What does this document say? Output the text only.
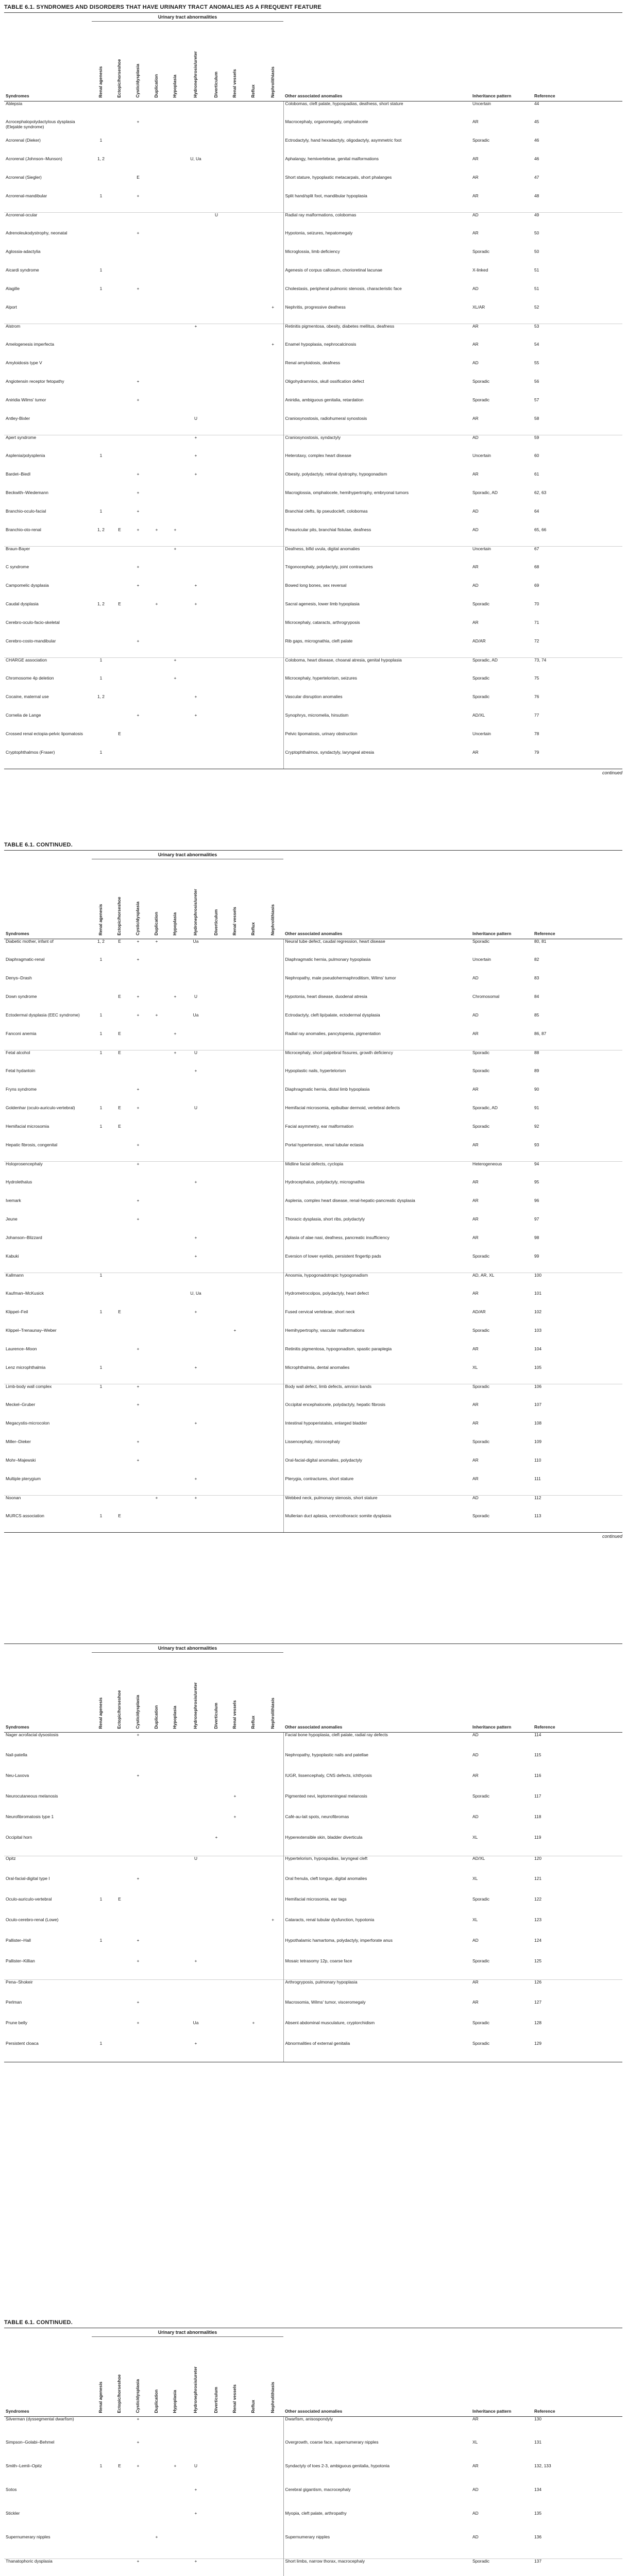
TABLE 6.1. SYNDROMES AND DISORDERS THAT HAVE URINARY TRACT ANOMALIES AS A FREQUENT FEATURE
	Urinary tract abnormalities												
Syndromes	Renal agenesis	Ectopic/horseshoe	Cystic/dysplasia	Duplication	Hypoplasia	Hydronephrosis/ureter	Diverticulum	Renal vessels	Reflux	Nephrolithiasis	Other associated anomalies	Inheritance pattern	Reference
Ablepsia											Colobomas, cleft palate, hypospadias, deafness, short stature	Uncertain	44
Acrocephalopolydactylous dysplasia (Elejalde syndrome)			+								Macrocephaly, organomegaly, omphalocele	AR	45
Acrorenal (Dieker)	1										Ectrodactyly, hand hexadactyly, oligodactyly, asymmetric foot	Sporadic	46
Acrorenal (Johnson–Munson)	1, 2					U, Ua					Aphalangy, hemivertebrae, genital malformations	AR	46
Acrorenal (Siegler)			E								Short stature, hypoplastic metacarpals, short phalanges	AR	47
Acrorenal-mandibular	1		+								Split hand/split foot, mandibular hypoplasia	AR	48
Acrorenal-ocular							U				Radial ray malformations, colobomas	AD	49
Adrenoleukodystrophy, neonatal			+								Hypotonia, seizures, hepatomegaly	AR	50
Aglossia-adactylia											Microglossia, limb deficiency	Sporadic	50
Aicardi syndrome	1										Agenesis of corpus callosum, chorioretinal lacunae	X-linked	51
Alagille	1		+								Cholestasis, peripheral pulmonic stenosis, characteristic face	AD	51
Alport										+	Nephritis, progressive deafness	XL/AR	52
Alstrom						+					Retinitis pigmentosa, obesity, diabetes mellitus, deafness	AR	53
Amelogenesis imperfecta										+	Enamel hypoplasia, nephrocalcinosis	AR	54
Amyloidosis type V											Renal amyloidosis, deafness	AD	55
Angiotensin receptor fetopathy			+								Oligohydramnios, skull ossification defect	Sporadic	56
Aniridia Wilms' tumor			+								Aniridia, ambiguous genitalia, retardation	Sporadic	57
Antley-Bixler						U					Craniosynostosis, radiohumeral synostosis	AR	58
Apert syndrome						+					Craniosynostosis, syndactyly	AD	59
Asplenia/polysplenia	1					+					Heterotaxy, complex heart disease	Uncertain	60
Bardet–Biedl			+			+					Obesity, polydactyly, retinal dystrophy, hypogonadism	AR	61
Beckwith–Wiedemann			+								Macroglossia, omphalocele, hemihypertrophy, embryonal tumors	Sporadic, AD	62, 63
Branchio-oculo-facial	1		+								Branchial clefts, lip pseudocleft, colobomas	AD	64
Branchio-oto-renal	1, 2	E	+	+	+						Preauricular pits, branchial fistulae, deafness	AD	65, 66
Braun-Bayer					+						Deafness, bifid uvula, digital anomalies	Uncertain	67
C syndrome			+								Trigonocephaly, polydactyly, joint contractures	AR	68
Campomelic dysplasia			+			+					Bowed long bones, sex reversal	AD	69
Caudal dysplasia	1, 2	E		+		+					Sacral agenesis, lower limb hypoplasia	Sporadic	70
Cerebro-oculo-facio-skeletal											Microcephaly, cataracts, arthrogryposis	AR	71
Cerebro-costo-mandibular			+								Rib gaps, micrognathia, cleft palate	AD/AR	72
CHARGE association	1				+						Coloboma, heart disease, choanal atresia, genital hypoplasia	Sporadic, AD	73, 74
Chromosome 4p deletion	1				+						Microcephaly, hypertelorism, seizures	Sporadic	75
Cocaine, maternal use	1, 2					+					Vascular disruption anomalies	Sporadic	76
Cornelia de Lange			+			+					Synophrys, micromelia, hirsutism	AD/XL	77
Crossed renal ectopia-pelvic lipomatosis		E									Pelvic lipomatosis, urinary obstruction	Uncertain	78
Cryptophthalmos (Fraser)	1										Cryptophthalmos, syndactyly, laryngeal atresia	AR	79
continued
TABLE 6.1. CONTINUED.
	Urinary tract abnormalities												
Syndromes	Renal agenesis	Ectopic/horseshoe	Cystic/dysplasia	Duplication	Hypoplasia	Hydronephrosis/ureter	Diverticulum	Renal vessels	Reflux	Nephrolithiasis	Other associated anomalies	Inheritance pattern	Reference
Diabetic mother, infant of	1, 2	E	+	+		Ua					Neural tube defect, caudal regression, heart disease	Sporadic	80, 81
Diaphragmatic-renal	1		+								Diaphragmatic hernia, pulmonary hypoplasia	Uncertain	82
Denys–Drash											Nephropathy, male pseudohermaphroditism, Wilms' tumor	AD	83
Down syndrome		E	+		+	U					Hypotonia, heart disease, duodenal atresia	Chromosomal	84
Ectodermal dysplasia (EEC syndrome)	1		+	+		Ua					Ectrodactyly, cleft lip/palate, ectodermal dysplasia	AD	85
Fanconi anemia	1	E			+						Radial ray anomalies, pancytopenia, pigmentation	AR	86, 87
Fetal alcohol	1	E			+	U					Microcephaly, short palpebral fissures, growth deficiency	Sporadic	88
Fetal hydantoin						+					Hypoplastic nails, hypertelorism	Sporadic	89
Fryns syndrome			+								Diaphragmatic hernia, distal limb hypoplasia	AR	90
Goldenhar (oculo-auriculo-vertebral)	1	E	+			U					Hemifacial microsomia, epibulbar dermoid, vertebral defects	Sporadic, AD	91
Hemifacial microsomia	1	E									Facial asymmetry, ear malformation	Sporadic	92
Hepatic fibrosis, congenital			+								Portal hypertension, renal tubular ectasia	AR	93
Holoprosencephaly			+								Midline facial defects, cyclopia	Heterogeneous	94
Hydrolethalus						+					Hydrocephalus, polydactyly, micrognathia	AR	95
Ivemark			+								Asplenia, complex heart disease, renal-hepatic-pancreatic dysplasia	AR	96
Jeune			+								Thoracic dysplasia, short ribs, polydactyly	AR	97
Johanson–Blizzard						+					Aplasia of alae nasi, deafness, pancreatic insufficiency	AR	98
Kabuki						+					Eversion of lower eyelids, persistent fingertip pads	Sporadic	99
Kallmann	1										Anosmia, hypogonadotropic hypogonadism	AD, AR, XL	100
Kaufman–McKusick						U, Ua					Hydrometrocolpos, polydactyly, heart defect	AR	101
Klippel–Feil	1	E				+					Fused cervical vertebrae, short neck	AD/AR	102
Klippel–Trenaunay–Weber								+			Hemihypertrophy, vascular malformations	Sporadic	103
Laurence–Moon			+								Retinitis pigmentosa, hypogonadism, spastic paraplegia	AR	104
Lenz microphthalmia	1					+					Microphthalmia, dental anomalies	XL	105
Limb-body wall complex	1		+								Body wall defect, limb defects, amnion bands	Sporadic	106
Meckel–Gruber			+								Occipital encephalocele, polydactyly, hepatic fibrosis	AR	107
Megacystis-microcolon						+					Intestinal hypoperistalsis, enlarged bladder	AR	108
Miller–Dieker			+								Lissencephaly, microcephaly	Sporadic	109
Mohr–Majewski			+								Oral-facial-digital anomalies, polydactyly	AR	110
Multiple pterygium						+					Pterygia, contractures, short stature	AR	111
Noonan				+		+					Webbed neck, pulmonary stenosis, short stature	AD	112
MURCS association	1	E									Mullerian duct aplasia, cervicothoracic somite dysplasia	Sporadic	113
continued
	Urinary tract abnormalities												
Syndromes	Renal agenesis	Ectopic/horseshoe	Cystic/dysplasia	Duplication	Hypoplasia	Hydronephrosis/ureter	Diverticulum	Renal vessels	Reflux	Nephrolithiasis	Other associated anomalies	Inheritance pattern	Reference
Nager acrofacial dysostosis			+								Facial bone hypoplasia, cleft palate, radial ray defects	AD	114
Nail-patella											Nephropathy, hypoplastic nails and patellae	AD	115
Neu-Laxova			+								IUGR, lissencephaly, CNS defects, ichthyosis	AR	116
Neurocutaneous melanosis								+			Pigmented nevi, leptomeningeal melanosis	Sporadic	117
Neurofibromatosis type 1								+			Café-au-lait spots, neurofibromas	AD	118
Occipital horn							+				Hyperextensible skin, bladder diverticula	XL	119
Opitz						U					Hypertelorism, hypospadias, laryngeal cleft	AD/XL	120
Oral-facial-digital type I			+								Oral frenula, cleft tongue, digital anomalies	XL	121
Oculo-auriculo-vertebral	1	E									Hemifacial microsomia, ear tags	Sporadic	122
Oculo-cerebro-renal (Lowe)										+	Cataracts, renal tubular dysfunction, hypotonia	XL	123
Pallister–Hall	1		+								Hypothalamic hamartoma, polydactyly, imperforate anus	AD	124
Pallister–Killian			+			+					Mosaic tetrasomy 12p, coarse face	Sporadic	125
Pena–Shokeir											Arthrogryposis, pulmonary hypoplasia	AR	126
Perlman			+								Macrosomia, Wilms' tumor, visceromegaly	AR	127
Prune belly			+			Ua			+		Absent abdominal musculature, cryptorchidism	Sporadic	128
Persistent cloaca	1					+					Abnormalities of external genitalia	Sporadic	129
TABLE 6.1. CONTINUED.
	Urinary tract abnormalities												
Syndromes	Renal agenesis	Ectopic/horseshoe	Cystic/dysplasia	Duplication	Hypoplasia	Hydronephrosis/ureter	Diverticulum	Renal vessels	Reflux	Nephrolithiasis	Other associated anomalies	Inheritance pattern	Reference
Silverman (dyssegmental dwarfism)			+								Dwarfism, anisospondyly	AR	130
Simpson–Golabi–Behmel			+								Overgrowth, coarse face, supernumerary nipples	XL	131
Smith–Lemli–Opitz	1	E	+		+	U					Syndactyly of toes 2-3, ambiguous genitalia, hypotonia	AR	132, 133
Sotos						+					Cerebral gigantism, macrocephaly	AD	134
Stickler						+					Myopia, cleft palate, arthropathy	AD	135
Supernumerary nipples				+							Supernumerary nipples	AD	136
Thanatophoric dysplasia			+			+					Short limbs, narrow thorax, macrocephaly	Sporadic	137
